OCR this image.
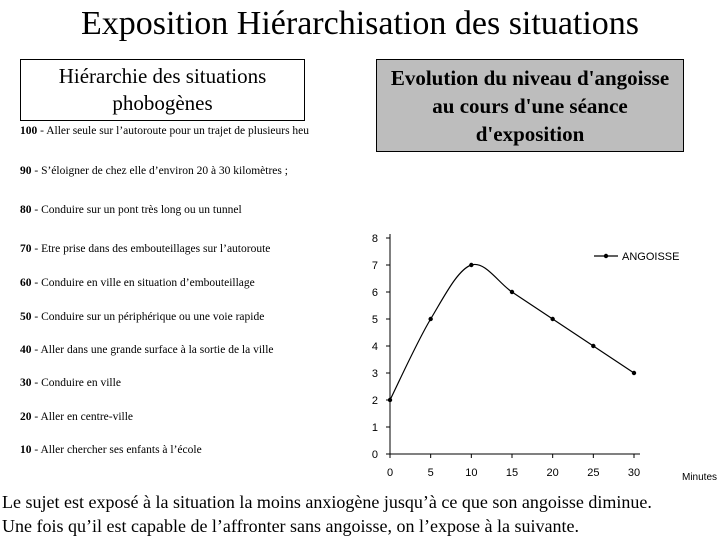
Exposition Hiérarchisation des situations
Hiérarchie des situations
phobogènes
Evolution du niveau d'angoisse
au cours d'une séance
d'exposition
100 - Aller seule sur l’autoroute pour un trajet de plusieurs heu
90 - S’éloigner de chez elle d’environ 20 à 30 kilomètres ;
80 - Conduire sur un pont très long ou un tunnel
70 - Etre prise dans des embouteillages sur l’autoroute
60 - Conduire en ville en situation d’embouteillage
50 - Conduire sur un périphérique ou une voie rapide
40 - Aller dans une grande surface à la sortie de la ville
30 - Conduire en ville
20 - Aller en centre-ville
10 - Aller chercher ses enfants à l’école	0
1
2
3
4
5
6
7
8
0	5	10	15	20	25	30	Minutes
ANGOISSE
Le sujet est exposé à la situation la moins anxiogène jusqu’à ce que son angoisse diminue.
Une fois qu’il est capable de l’affronter sans angoisse, on l’expose à la suivante.
